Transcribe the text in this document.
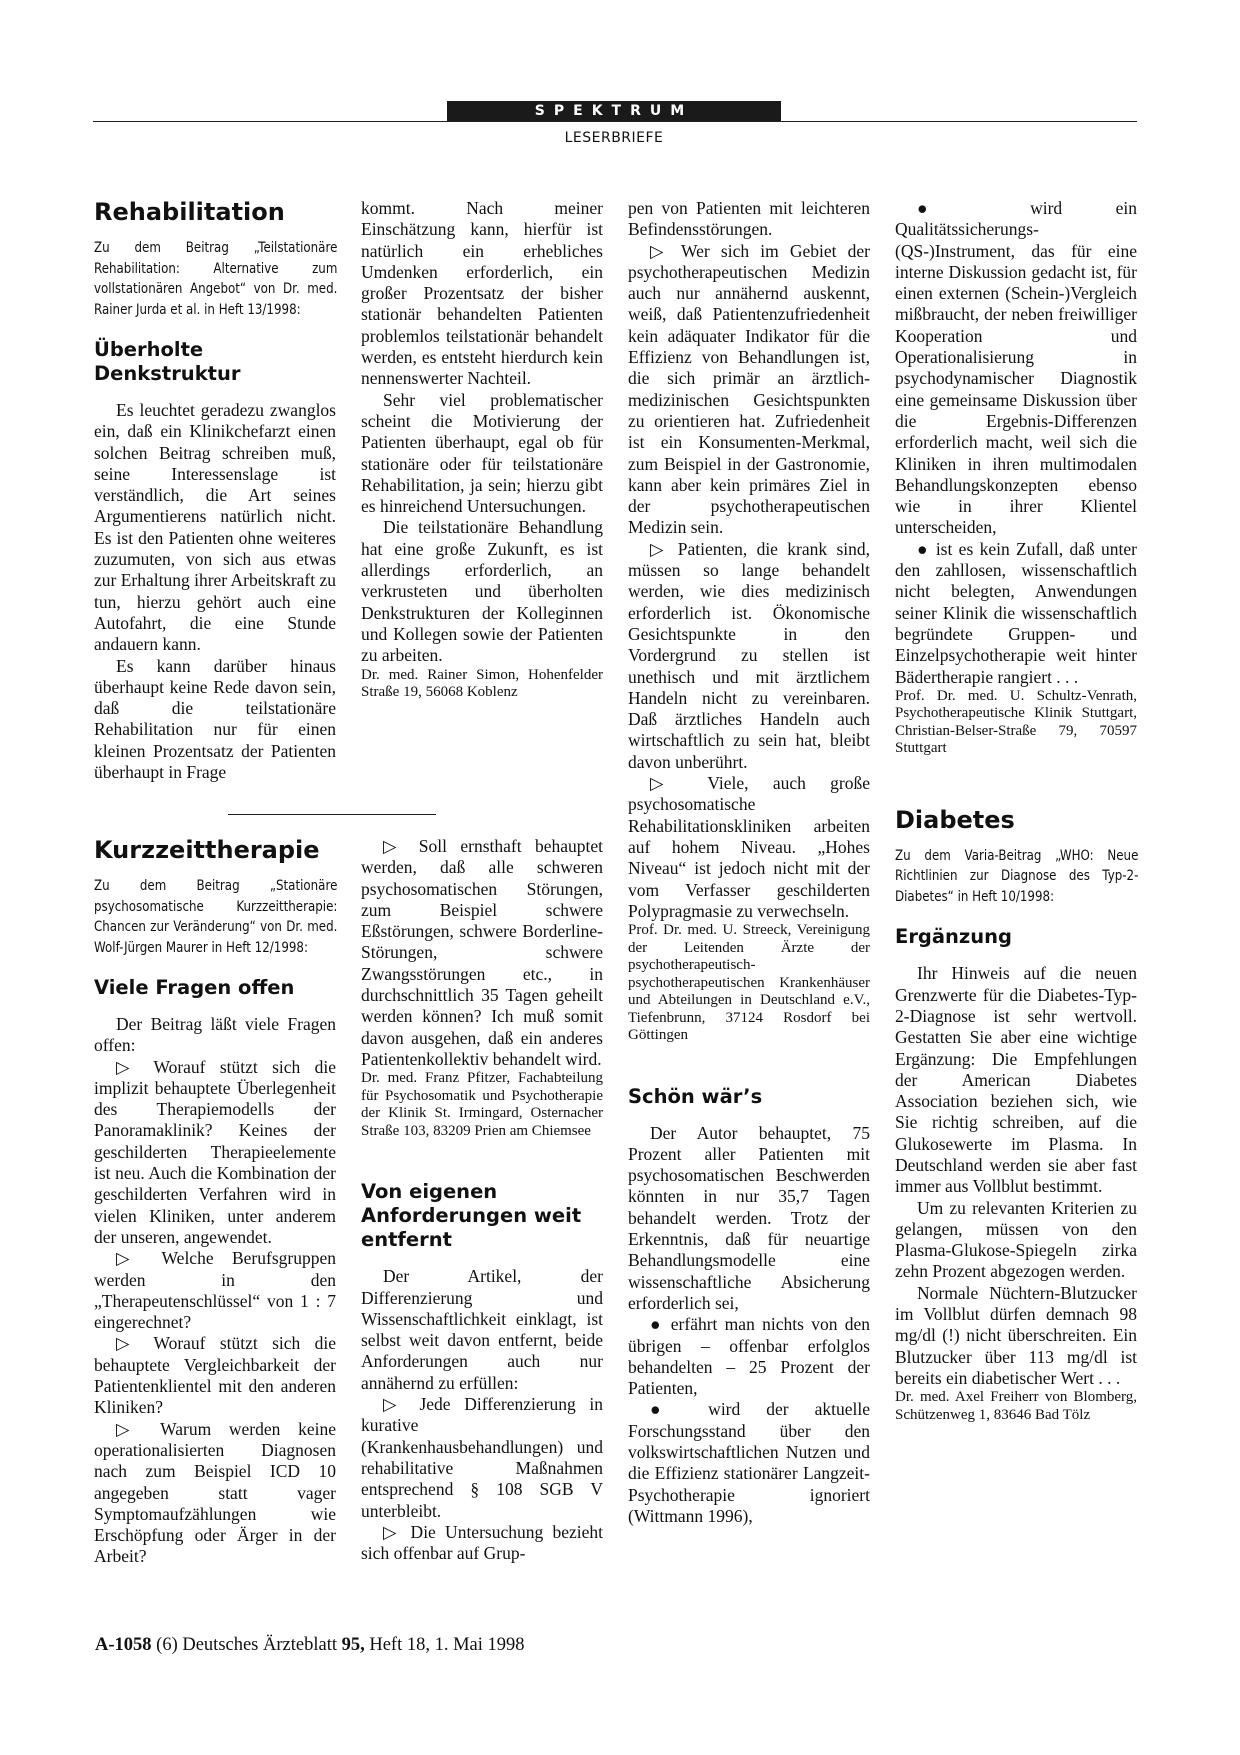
SPEKTRUM
LESERBRIEFE
Rehabilitation

Zu dem Beitrag „Teilstationäre Rehabilitation: Alternative zum vollstationären Angebot“ von Dr. med. Rainer Jurda et al. in Heft 13/1998:

Überholte Denkstruktur

Es leuchtet geradezu zwanglos ein, daß ein Klinikchefarzt einen solchen Beitrag schreiben muß, seine Interessenslage ist verständlich, die Art seines Argumentierens natürlich nicht. Es ist den Patienten ohne weiteres zuzumuten, von sich aus etwas zur Erhaltung ihrer Arbeitskraft zu tun, hierzu gehört auch eine Autofahrt, die eine Stunde andauern kann.

Es kann darüber hinaus überhaupt keine Rede davon sein, daß die teilstationäre Rehabilitation nur für einen kleinen Prozentsatz der Patienten überhaupt in Frage

kommt. Nach meiner Einschätzung kann, hierfür ist natürlich ein erhebliches Umdenken erforderlich, ein großer Prozentsatz der bisher stationär behandelten Patienten problemlos teilstationär behandelt werden, es entsteht hierdurch kein nennenswerter Nachteil.

Sehr viel problematischer scheint die Motivierung der Patienten überhaupt, egal ob für stationäre oder für teilstationäre Rehabilitation, ja sein; hierzu gibt es hinreichend Untersuchungen.

Die teilstationäre Behandlung hat eine große Zukunft, es ist allerdings erforderlich, an verkrusteten und überholten Denkstrukturen der Kolleginnen und Kollegen sowie der Patienten zu arbeiten.

Dr. med. Rainer Simon, Hohenfelder Straße 19, 56068 Koblenz

Kurzzeittherapie

Zu dem Beitrag „Stationäre psychosomatische Kurzzeittherapie: Chancen zur Veränderung“ von Dr. med. Wolf-Jürgen Maurer in Heft 12/1998:

Viele Fragen offen

Der Beitrag läßt viele Fragen offen:

▷ Worauf stützt sich die implizit behauptete Überlegenheit des Therapiemodells der Panoramaklinik? Keines der geschilderten Therapieelemente ist neu. Auch die Kombination der geschilderten Verfahren wird in vielen Kliniken, unter anderem der unseren, angewendet.

▷ Welche Berufsgruppen werden in den „Therapeutenschlüssel“ von 1 : 7 eingerechnet?

▷ Worauf stützt sich die behauptete Vergleichbarkeit der Patientenklientel mit den anderen Kliniken?

▷ Warum werden keine operationalisierten Diagnosen nach zum Beispiel ICD 10 angegeben statt vager Symptomaufzählungen wie Erschöpfung oder Ärger in der Arbeit?

▷ Soll ernsthaft behauptet werden, daß alle schweren psychosomatischen Störungen, zum Beispiel schwere Eßstörungen, schwere Borderline-Störungen, schwere Zwangsstörungen etc., in durchschnittlich 35 Tagen geheilt werden können? Ich muß somit davon ausgehen, daß ein anderes Patientenkollektiv behandelt wird.

Dr. med. Franz Pfitzer, Fachabteilung für Psychosomatik und Psychotherapie der Klinik St. Irmingard, Osternacher Straße 103, 83209 Prien am Chiemsee

Von eigenen Anforderungen weit entfernt

Der Artikel, der Differenzierung und Wissenschaftlichkeit einklagt, ist selbst weit davon entfernt, beide Anforderungen auch nur annähernd zu erfüllen:

▷ Jede Differenzierung in kurative (Krankenhausbehandlungen) und rehabilitative Maßnahmen entsprechend § 108 SGB V unterbleibt.

▷ Die Untersuchung bezieht sich offenbar auf Grup-

pen von Patienten mit leichteren Befindensstörungen.

▷ Wer sich im Gebiet der psychotherapeutischen Medizin auch nur annähernd auskennt, weiß, daß Patientenzufriedenheit kein adäquater Indikator für die Effizienz von Behandlungen ist, die sich primär an ärztlich-medizinischen Gesichtspunkten zu orientieren hat. Zufriedenheit ist ein Konsumenten-Merkmal, zum Beispiel in der Gastronomie, kann aber kein primäres Ziel in der psychotherapeutischen Medizin sein.

▷ Patienten, die krank sind, müssen so lange behandelt werden, wie dies medizinisch erforderlich ist. Ökonomische Gesichtspunkte in den Vordergrund zu stellen ist unethisch und mit ärztlichem Handeln nicht zu vereinbaren. Daß ärztliches Handeln auch wirtschaftlich zu sein hat, bleibt davon unberührt.

▷ Viele, auch große psychosomatische Rehabilitationskliniken arbeiten auf hohem Niveau. „Hohes Niveau“ ist jedoch nicht mit der vom Verfasser geschilderten Polypragmasie zu verwechseln.

Prof. Dr. med. U. Streeck, Vereinigung der Leitenden Ärzte der psychotherapeutisch-psychotherapeutischen Krankenhäuser und Abteilungen in Deutschland e.V., Tiefenbrunn, 37124 Rosdorf bei Göttingen

Schön wär’s

Der Autor behauptet, 75 Prozent aller Patienten mit psychosomatischen Beschwerden könnten in nur 35,7 Tagen behandelt werden. Trotz der Erkenntnis, daß für neuartige Behandlungsmodelle eine wissenschaftliche Absicherung erforderlich sei,

● erfährt man nichts von den übrigen – offenbar erfolglos behandelten – 25 Prozent der Patienten,

● wird der aktuelle Forschungsstand über den volkswirtschaftlichen Nutzen und die Effizienz stationärer Langzeit-Psychotherapie ignoriert (Wittmann 1996),

● wird ein Qualitätssicherungs-(QS-)Instrument, das für eine interne Diskussion gedacht ist, für einen externen (Schein-)Vergleich mißbraucht, der neben freiwilliger Kooperation und Operationalisierung in psychodynamischer Diagnostik eine gemeinsame Diskussion über die Ergebnis-Differenzen erforderlich macht, weil sich die Kliniken in ihren multimodalen Behandlungskonzepten ebenso wie in ihrer Klientel unterscheiden,

● ist es kein Zufall, daß unter den zahllosen, wissenschaftlich nicht belegten, Anwendungen seiner Klinik die wissenschaftlich begründete Gruppen- und Einzelpsychotherapie weit hinter Bädertherapie rangiert . . .

Prof. Dr. med. U. Schultz-Venrath, Psychotherapeutische Klinik Stuttgart, Christian-Belser-Straße 79, 70597 Stuttgart

Diabetes

Zu dem Varia-Beitrag „WHO: Neue Richtlinien zur Diagnose des Typ-2-Diabetes“ in Heft 10/1998:

Ergänzung

Ihr Hinweis auf die neuen Grenzwerte für die Diabetes-Typ-2-Diagnose ist sehr wertvoll. Gestatten Sie aber eine wichtige Ergänzung: Die Empfehlungen der American Diabetes Association beziehen sich, wie Sie richtig schreiben, auf die Glukosewerte im Plasma. In Deutschland werden sie aber fast immer aus Vollblut bestimmt.

Um zu relevanten Kriterien zu gelangen, müssen von den Plasma-Glukose-Spiegeln zirka zehn Prozent abgezogen werden.

Normale Nüchtern-Blutzucker im Vollblut dürfen demnach 98 mg/dl (!) nicht überschreiten. Ein Blutzucker über 113 mg/dl ist bereits ein diabetischer Wert . . .

Dr. med. Axel Freiherr von Blomberg, Schützenweg 1, 83646 Bad Tölz

A-1058 (6) Deutsches Ärzteblatt 95, Heft 18, 1. Mai 1998
